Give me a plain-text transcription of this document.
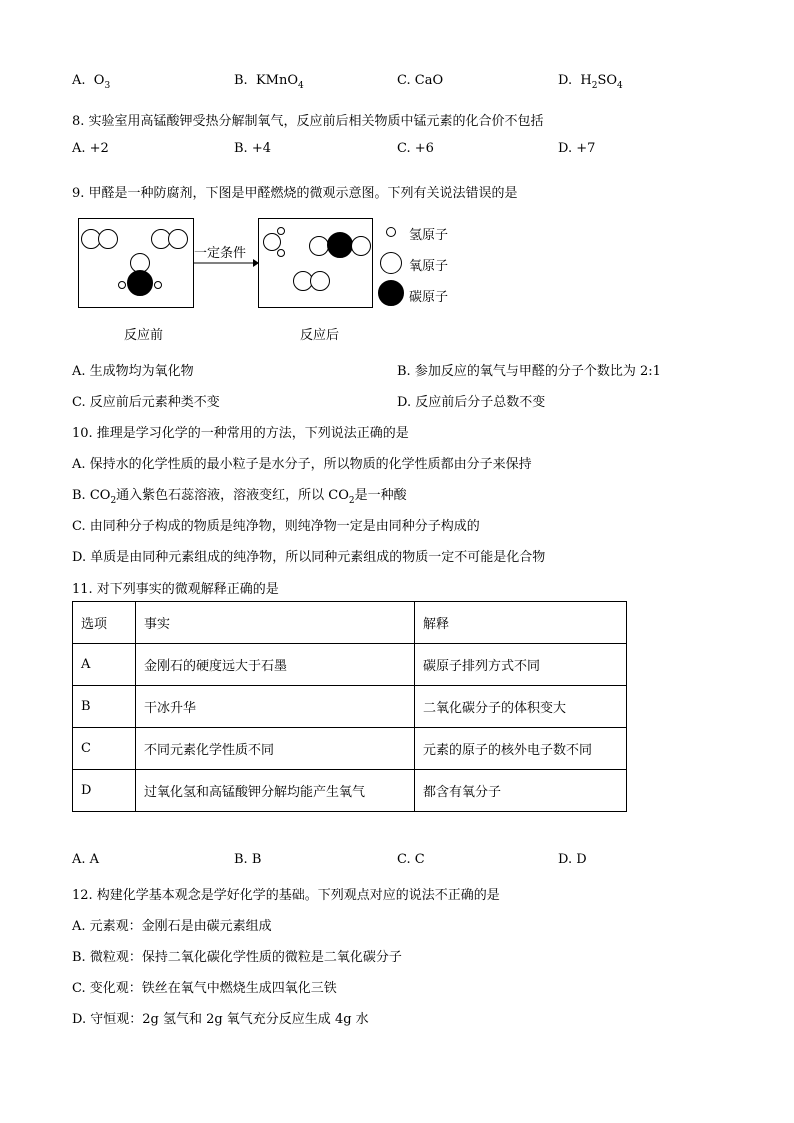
A. $O_3$	B. KMnO$_4$	C. CaO	D. $H_2SO_4$
8. 实验室用高锰酸钾受热分解制氧气，反应前后相关物质中锰元素的化合价不包括
A. +2	B. +4	C. +6	D. +7
9. 甲醛是一种防腐剂，下图是甲醛燃烧的微观示意图。下列有关说法错误的是
一定条件
氢原子
氧原子
碳原子
反应前	反应后
A. 生成物均为氧化物	B. 参加反应的氧气与甲醛的分子个数比为 2:1
C. 反应前后元素种类不变	D. 反应前后分子总数不变
10. 推理是学习化学的一种常用的方法，下列说法正确的是
A. 保持水的化学性质的最小粒子是水分子，所以物质的化学性质都由分子来保持
B. $CO_2$通入紫色石蕊溶液，溶液变红，所以 $CO_2$是一种酸
C. 由同种分子构成的物质是纯净物，则纯净物一定是由同种分子构成的
D. 单质是由同种元素组成的纯净物，所以同种元素组成的物质一定不可能是化合物
11. 对下列事实的微观解释正确的是
选项	事实	解释
A	金刚石的硬度远大于石墨	碳原子排列方式不同
B	干冰升华	二氧化碳分子的体积变大
C	不同元素化学性质不同	元素的原子的核外电子数不同
D	过氧化氢和高锰酸钾分解均能产生氧气	都含有氧分子
A. A	B. B	C. C	D. D
12. 构建化学基本观念是学好化学的基础。下列观点对应的说法不正确的是
A. 元素观：金刚石是由碳元素组成
B. 微粒观：保持二氧化碳化学性质的微粒是二氧化碳分子
C. 变化观：铁丝在氧气中燃烧生成四氧化三铁
D. 守恒观：2g 氢气和 2g 氧气充分反应生成 4g 水
